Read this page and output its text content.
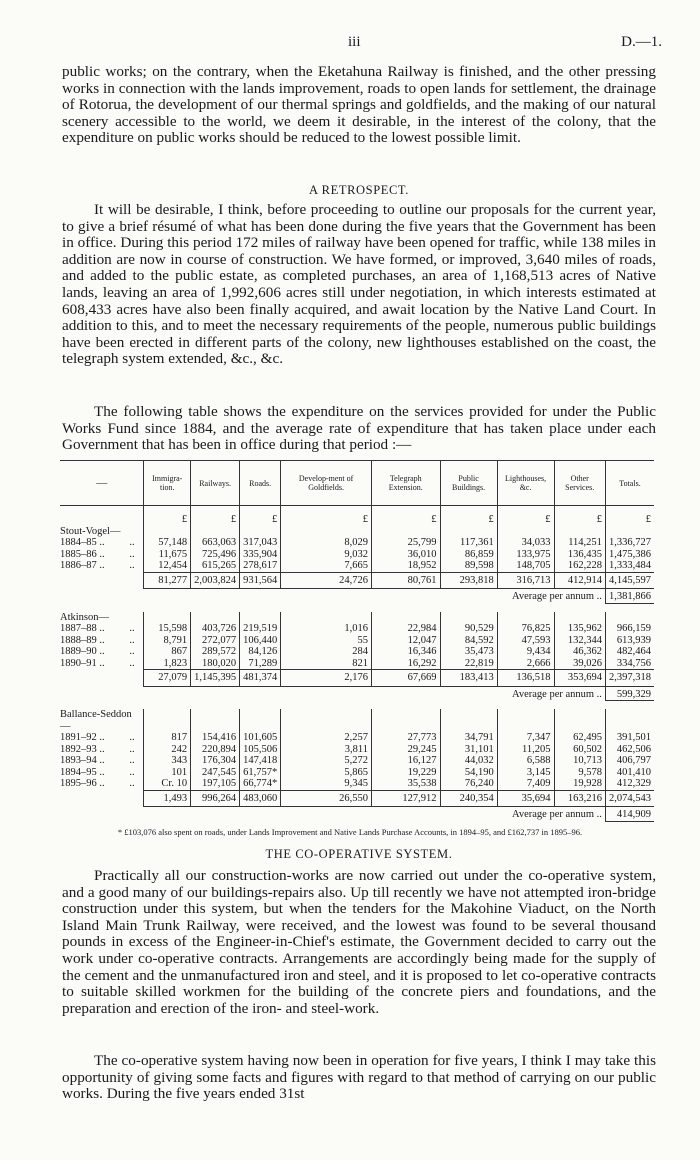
iii	D.—1.

public works; on the contrary, when the Eketahuna Railway is finished, and the other pressing works in connection with the lands improvement, roads to open lands for settlement, the drainage of Rotorua, the development of our thermal springs and goldfields, and the making of our natural scenery accessible to the world, we deem it desirable, in the interest of the colony, that the expenditure on public works should be reduced to the lowest possible limit.

A RETROSPECT.

It will be desirable, I think, before proceeding to outline our proposals for the current year, to give a brief résumé of what has been done during the five years that the Government has been in office. During this period 172 miles of railway have been opened for traffic, while 138 miles in addition are now in course of construction. We have formed, or improved, 3,640 miles of roads, and added to the public estate, as completed purchases, an area of 1,168,513 acres of Native lands, leaving an area of 1,992,606 acres still under negotiation, in which interests estimated at 608,433 acres have also been finally acquired, and await location by the Native Land Court. In addition to this, and to meet the necessary requirements of the people, numerous public buildings have been erected in different parts of the colony, new lighthouses established on the coast, the telegraph system extended, &c., &c.

The following table shows the expenditure on the services provided for under the Public Works Fund since 1884, and the average rate of expenditure that has taken place under each Government that has been in office during that period :—

—		Immigra-tion.	Railways.	Roads.	Develop-ment of Goldfields.	Telegraph Extension.	Public Buildings.	Lighthouses, &c.	Other Services.	Totals.
		£	£	£	£	£	£	£	£	£
Stout-Vogel—										
1884–85 ..	..	57,148	663,063	317,043	8,029	25,799	117,361	34,033	114,251	1,336,727
1885–86 ..	..	11,675	725,496	335,904	9,032	36,010	86,859	133,975	136,435	1,475,386
1886–87 ..	..	12,454	615,265	278,617	7,665	18,952	89,598	148,705	162,228	1,333,484
		81,277	2,003,824	931,564	24,726	80,761	293,818	316,713	412,914	4,145,597
Average per annum ..										1,381,866

Atkinson—										
1887–88 ..	..	15,598	403,726	219,519	1,016	22,984	90,529	76,825	135,962	966,159
1888–89 ..	..	8,791	272,077	106,440	55	12,047	84,592	47,593	132,344	613,939
1889–90 ..	..	867	289,572	84,126	284	16,346	35,473	9,434	46,362	482,464
1890–91 ..	..	1,823	180,020	71,289	821	16,292	22,819	2,666	39,026	334,756
		27,079	1,145,395	481,374	2,176	67,669	183,413	136,518	353,694	2,397,318
Average per annum ..										599,329

Ballance-Seddon—										
1891–92 ..	..	817	154,416	101,605	2,257	27,773	34,791	7,347	62,495	391,501
1892–93 ..	..	242	220,894	105,506	3,811	29,245	31,101	11,205	60,502	462,506
1893–94 ..	..	343	176,304	147,418	5,272	16,127	44,032	6,588	10,713	406,797
1894–95 ..	..	101	247,545	61,757*	5,865	19,229	54,190	3,145	9,578	401,410
1895–96 ..	..	Cr. 10	197,105	66,774*	9,345	35,538	76,240	7,409	19,928	412,329
		1,493	996,264	483,060	26,550	127,912	240,354	35,694	163,216	2,074,543
Average per annum ..										414,909
* £103,076 also spent on roads, under Lands Improvement and Native Lands Purchase Accounts, in 1894–95, and £162,737 in 1895–96.

THE CO-OPERATIVE SYSTEM.

Practically all our construction-works are now carried out under the co-operative system, and a good many of our buildings-repairs also. Up till recently we have not attempted iron-bridge construction under this system, but when the tenders for the Makohine Viaduct, on the North Island Main Trunk Railway, were received, and the lowest was found to be several thousand pounds in excess of the Engineer-in-Chief's estimate, the Government decided to carry out the work under co-operative contracts. Arrangements are accordingly being made for the supply of the cement and the unmanufactured iron and steel, and it is proposed to let co-operative contracts to suitable skilled workmen for the building of the concrete piers and foundations, and the preparation and erection of the iron- and steel-work.

The co-operative system having now been in operation for five years, I think I may take this opportunity of giving some facts and figures with regard to that method of carrying on our public works. During the five years ended 31st
